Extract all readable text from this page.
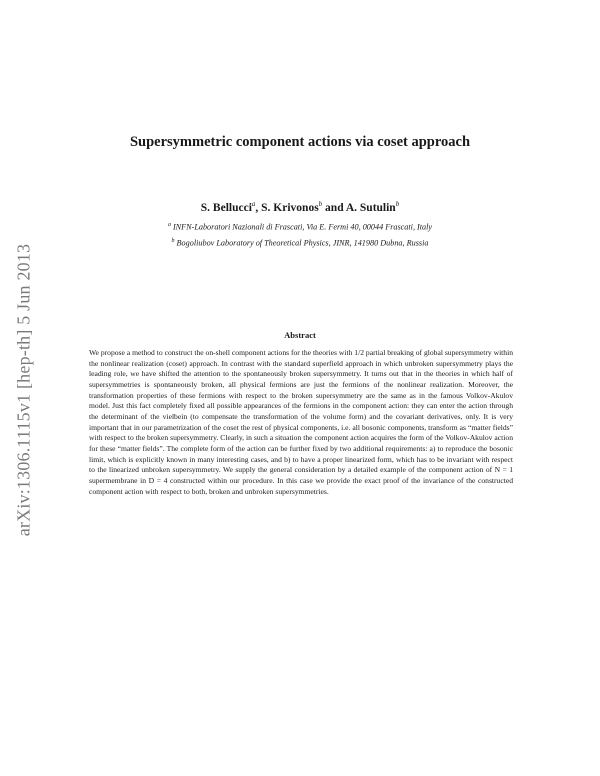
arXiv:1306.1115v1 [hep-th] 5 Jun 2013
Supersymmetric component actions via coset approach
S. Bellucci$^a$, S. Krivonos$^b$ and A. Sutulin$^b$
$^a$ INFN-Laboratori Nazionali di Frascati, Via E. Fermi 40, 00044 Frascati, Italy
$^b$ Bogoliubov Laboratory of Theoretical Physics, JINR, 141980 Dubna, Russia
Abstract

We propose a method to construct the on-shell component actions for the theories with 1/2 partial breaking of global supersymmetry within the nonlinear realization (coset) approach. In contrast with the standard superfield approach in which unbroken supersymmetry plays the leading role, we have shifted the attention to the spontaneously broken supersymmetry. It turns out that in the theories in which half of supersymmetries is spontaneously broken, all physical fermions are just the fermions of the nonlinear realization. Moreover, the transformation properties of these fermions with respect to the broken supersymmetry are the same as in the famous Volkov-Akulov model. Just this fact completely fixed all possible appearances of the fermions in the component action: they can enter the action through the determinant of the vielbein (to compensate the transformation of the volume form) and the covariant derivatives, only. It is very important that in our parametrization of the coset the rest of physical components, i.e. all bosonic components, transform as “matter fields” with respect to the broken supersymmetry. Clearly, in such a situation the component action acquires the form of the Volkov-Akulov action for these “matter fields”. The complete form of the action can be further fixed by two additional requirements: a) to reproduce the bosonic limit, which is explicitly known in many interesting cases, and b) to have a proper linearized form, which has to be invariant with respect to the linearized unbroken supersymmetry. We supply the general consideration by a detailed example of the component action of N = 1 supermembrane in D = 4 constructed within our procedure. In this case we provide the exact proof of the invariance of the constructed component action with respect to both, broken and unbroken supersymmetries.
